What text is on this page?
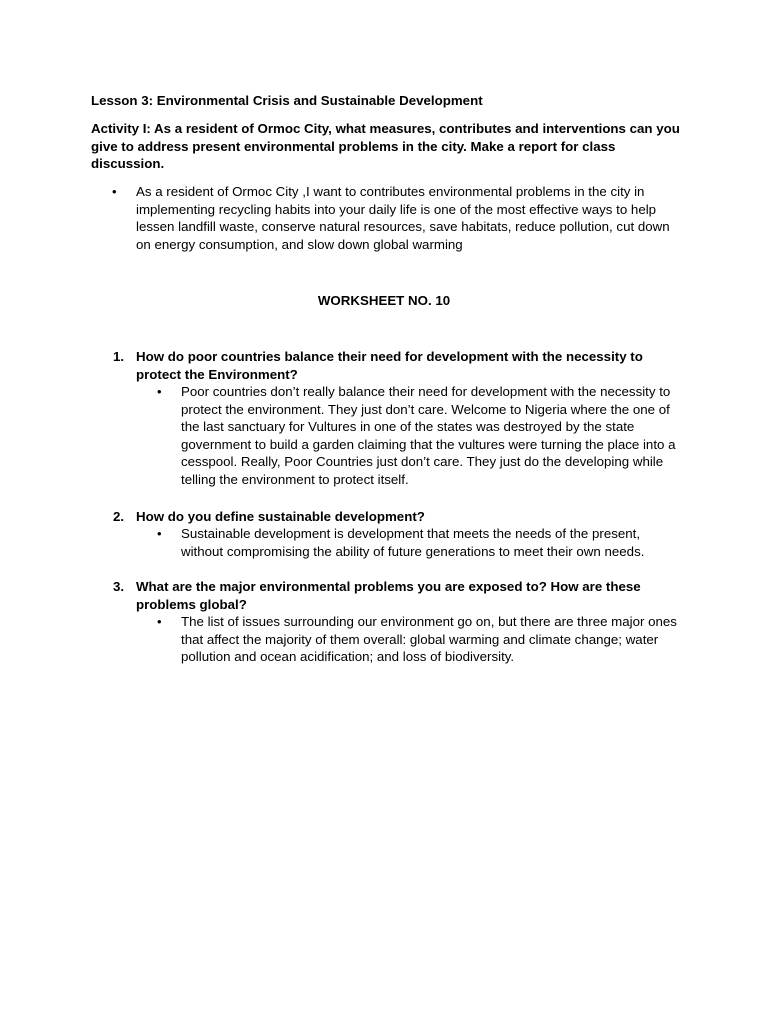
Lesson 3: Environmental Crisis and Sustainable Development
Activity I: As a resident of Ormoc City, what measures, contributes and interventions can you give to address present environmental problems in the city. Make a report for class discussion.
•	As a resident of Ormoc City ,I want to contributes environmental problems in the city in implementing recycling habits into your daily life is one of the most effective ways to help lessen landfill waste, conserve natural resources, save habitats, reduce pollution, cut down on energy consumption, and slow down global warming
WORKSHEET NO. 10
1. How do poor countries balance their need for development with the necessity to protect the Environment?
•	Poor countries don’t really balance their need for development with the necessity to protect the environment. They just don’t care. Welcome to Nigeria where the one of the last sanctuary for Vultures in one of the states was destroyed by the state government to build a garden claiming that the vultures were turning the place into a cesspool. Really, Poor Countries just don’t care. They just do the developing while telling the environment to protect itself.
2. How do you define sustainable development?
•	Sustainable development is development that meets the needs of the present, without compromising the ability of future generations to meet their own needs.
3. What are the major environmental problems you are exposed to? How are these problems global?
•	The list of issues surrounding our environment go on, but there are three major ones that affect the majority of them overall: global warming and climate change; water pollution and ocean acidification; and loss of biodiversity.
